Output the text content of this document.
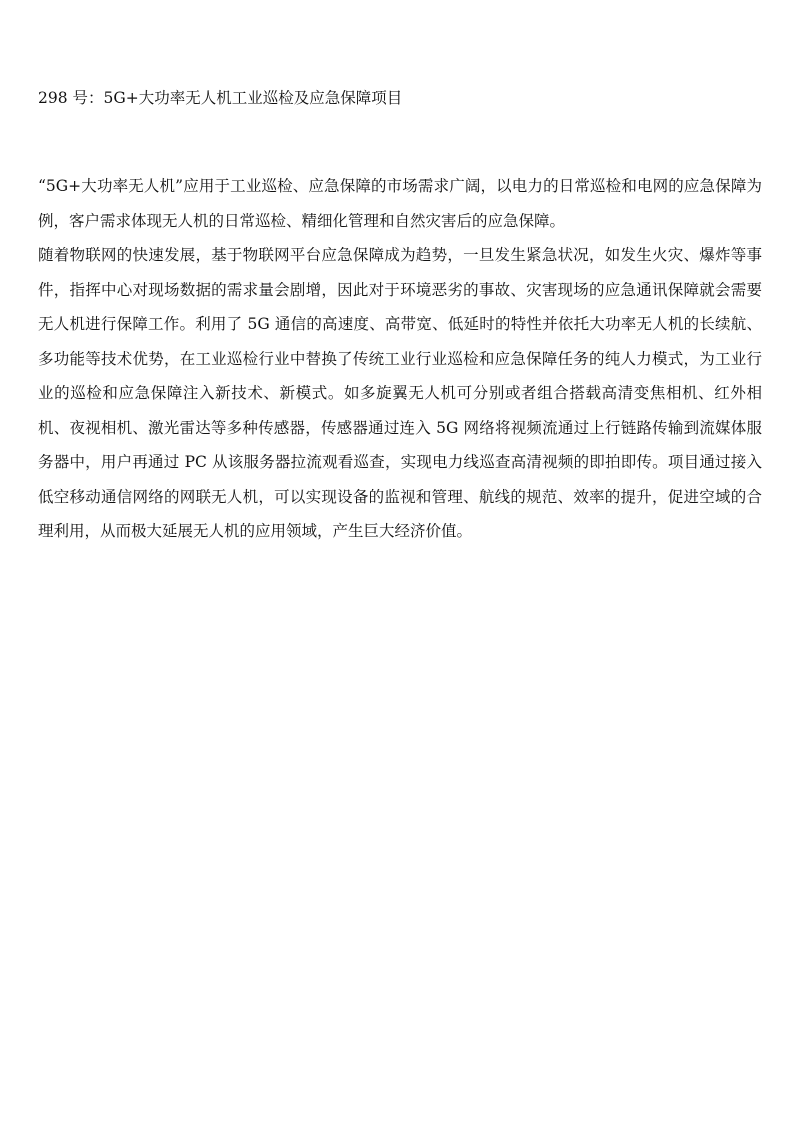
298 号：5G+大功率无人机工业巡检及应急保障项目

“5G+大功率无人机”应用于工业巡检、应急保障的市场需求广阔，以电力的日常巡检和电网的应急保障为例，客户需求体现无人机的日常巡检、精细化管理和自然灾害后的应急保障。

随着物联网的快速发展，基于物联网平台应急保障成为趋势，一旦发生紧急状况，如发生火灾、爆炸等事件，指挥中心对现场数据的需求量会剧增，因此对于环境恶劣的事故、灾害现场的应急通讯保障就会需要无人机进行保障工作。利用了 5G 通信的高速度、高带宽、低延时的特性并依托大功率无人机的长续航、多功能等技术优势，在工业巡检行业中替换了传统工业行业巡检和应急保障任务的纯人力模式，为工业行业的巡检和应急保障注入新技术、新模式。如多旋翼无人机可分别或者组合搭载高清变焦相机、红外相机、夜视相机、激光雷达等多种传感器，传感器通过连入 5G 网络将视频流通过上行链路传输到流媒体服务器中，用户再通过 PC 从该服务器拉流观看巡查，实现电力线巡查高清视频的即拍即传。项目通过接入低空移动通信网络的网联无人机，可以实现设备的监视和管理、航线的规范、效率的提升，促进空域的合理利用，从而极大延展无人机的应用领域，产生巨大经济价值。
